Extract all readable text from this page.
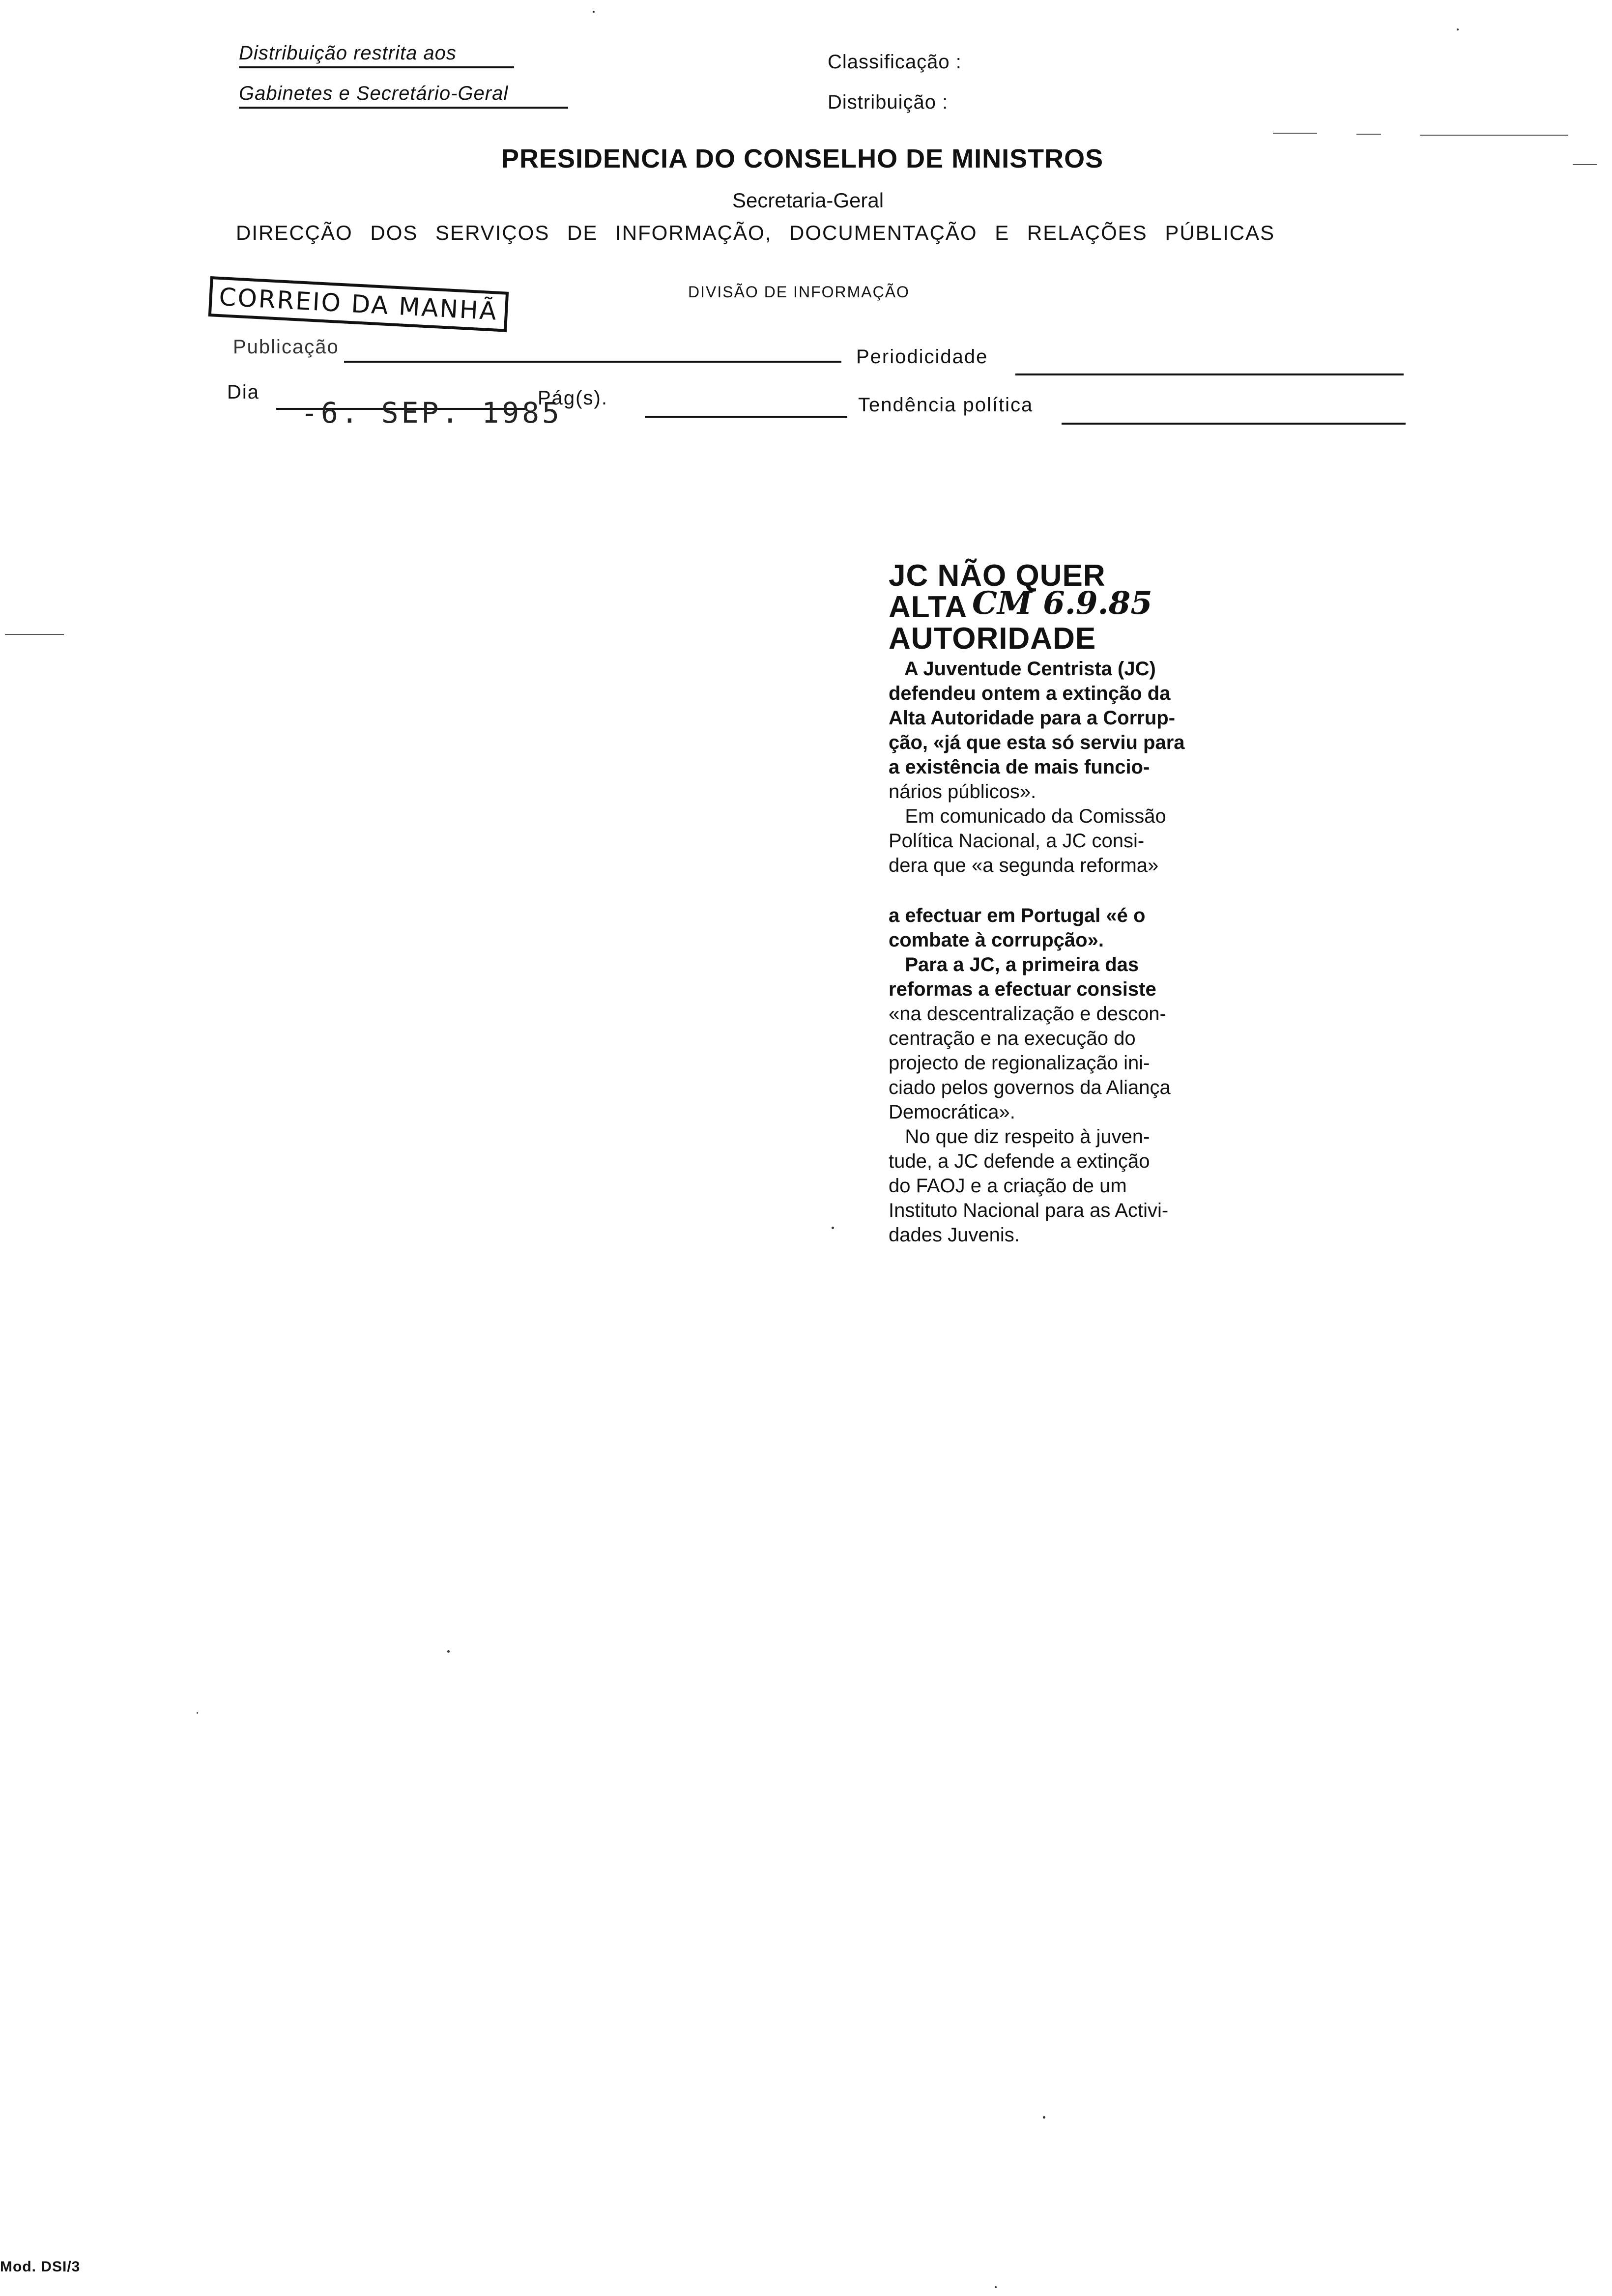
Distribuição restrita aos
Gabinetes e Secretário-Geral
Classificação :
Distribuição :
PRESIDENCIA DO CONSELHO DE MINISTROS
Secretaria-Geral
DIRECÇÃO DOS SERVIÇOS DE INFORMAÇÃO, DOCUMENTAÇÃO E RELAÇÕES PÚBLICAS
DIVISÃO DE INFORMAÇÃO
CORREIO DA MANHÃ
Publicação	Periodicidade
Dia
-6. SEP. 1985
Pág(s).	Tendência política
JC NÃO QUER
ALTA CM 6.9.85
AUTORIDADE
A Juventude Centrista (JC)
defendeu ontem a extinção da
Alta Autoridade para a Corrup-
ção, «já que esta só serviu para
a existência de mais funcio-
nários públicos».
Em comunicado da Comissão
Política Nacional, a JC consi-
dera que «a segunda reforma»
a efectuar em Portugal «é o
combate à corrupção».
Para a JC, a primeira das
reformas a efectuar consiste
«na descentralização e descon-
centração e na execução do
projecto de regionalização ini-
ciado pelos governos da Aliança
Democrática».
No que diz respeito à juven-
tude, a JC defende a extinção
do FAOJ e a criação de um
Instituto Nacional para as Activi-
dades Juvenis.
Mod. DSI/3
